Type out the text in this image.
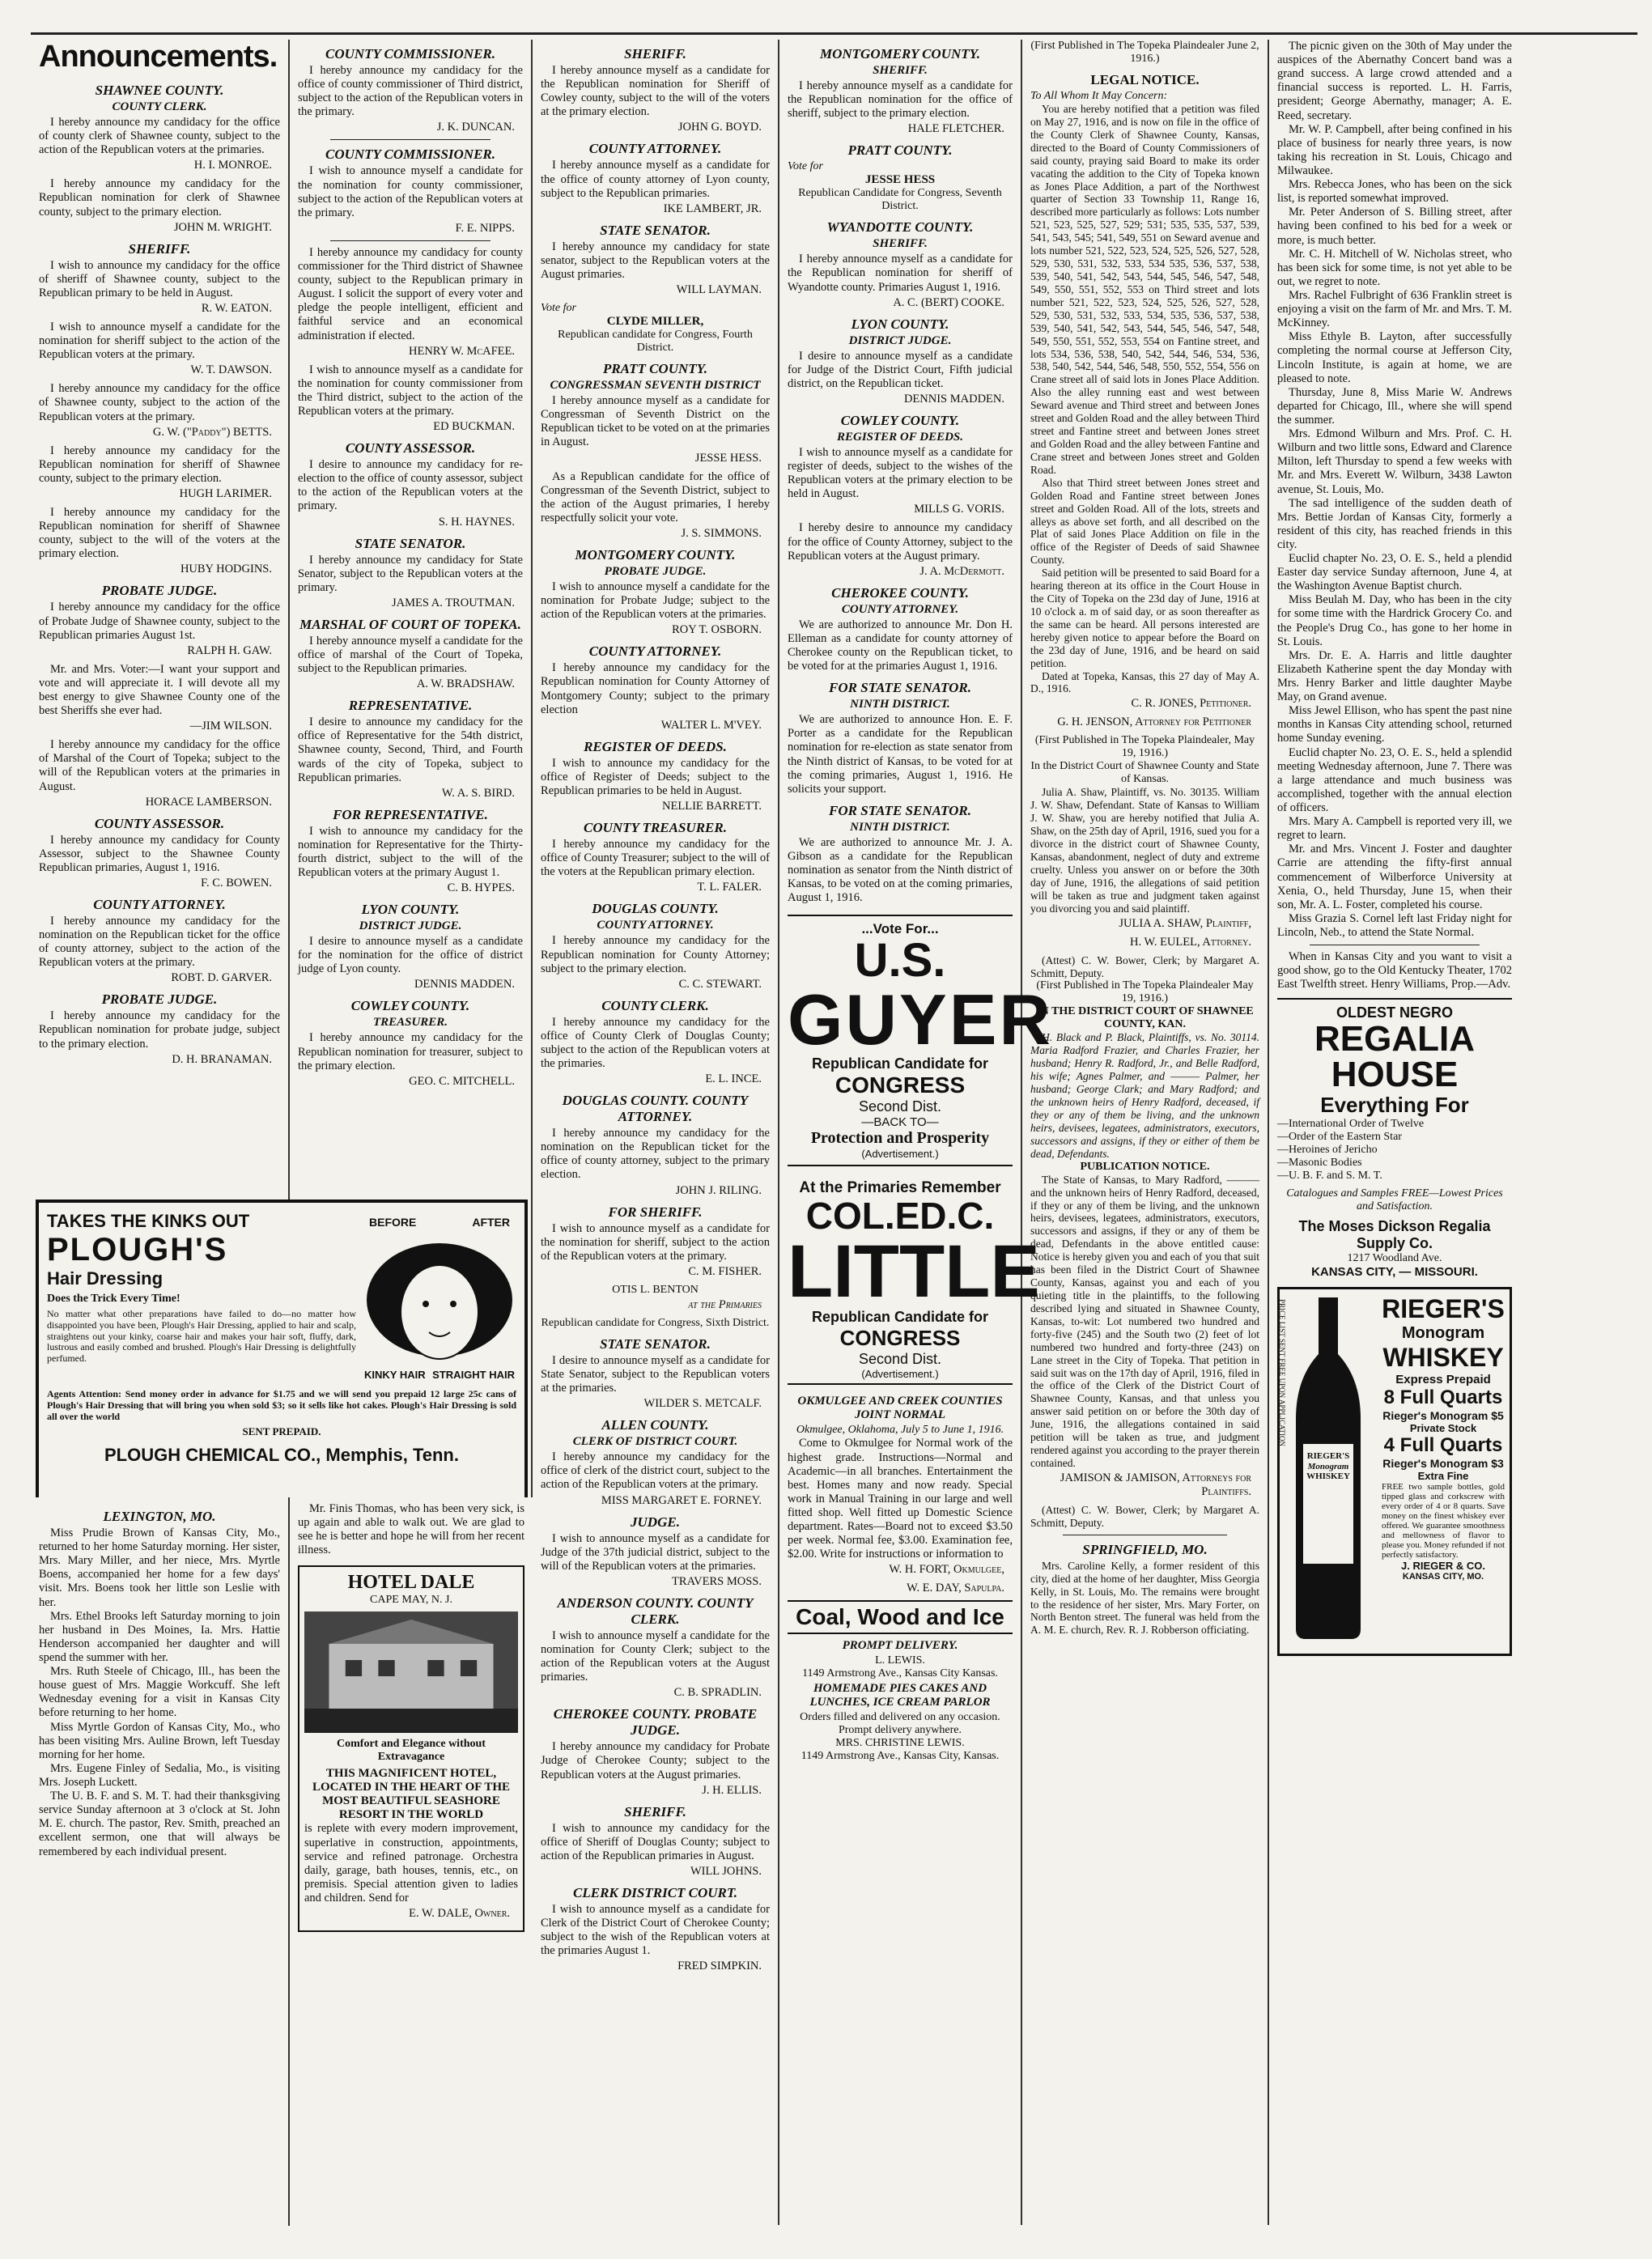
Announcements.
SHAWNEE COUNTY.
COUNTY CLERK.

I hereby announce my candidacy for the office of county clerk of Shawnee county, subject to the action of the Republican voters at the primaries.

H. I. MONROE.

I hereby announce my candidacy for the Republican nomination for clerk of Shawnee county, subject to the primary election.

JOHN M. WRIGHT.
SHERIFF.

I wish to announce my candidacy for the office of sheriff of Shawnee county, subject to the Republican primary to be held in August.

R. W. EATON.

I wish to announce myself a candidate for the nomination for sheriff subject to the action of the Republican voters at the primary.

W. T. DAWSON.

I hereby announce my candidacy for the office of Shawnee county, subject to the action of the Republican voters at the primary.

G. W. ("Paddy") BETTS.

I hereby announce my candidacy for the Republican nomination for sheriff of Shawnee county, subject to the primary election.

HUGH LARIMER.

I hereby announce my candidacy for the Republican nomination for sheriff of Shawnee county, subject to the will of the voters at the primary election.

HUBY HODGINS.
PROBATE JUDGE.

I hereby announce my candidacy for the office of Probate Judge of Shawnee county, subject to the Republican primaries August 1st.

RALPH H. GAW.

Mr. and Mrs. Voter:—I want your support and vote and will appreciate it. I will devote all my best energy to give Shawnee County one of the best Sheriffs she ever had.

—JIM WILSON.

I hereby announce my candidacy for the office of Marshal of the Court of Topeka; subject to the will of the Republican voters at the primaries in August.

HORACE LAMBERSON.
COUNTY ASSESSOR.

I hereby announce my candidacy for County Assessor, subject to the Shawnee County Republican primaries, August 1, 1916.

F. C. BOWEN.
COUNTY ATTORNEY.

I hereby announce my candidacy for the nomination on the Republican ticket for the office of county attorney, subject to the action of the Republican voters at the primary.

ROBT. D. GARVER.
PROBATE JUDGE.

I hereby announce my candidacy for the Republican nomination for probate judge, subject to the primary election.

D. H. BRANAMAN.
COUNTY COMMISSIONER.

I hereby announce my candidacy for the office of county commissioner of Third district, subject to the action of the Republican voters in the primary.

J. K. DUNCAN.
COUNTY COMMISSIONER.

I wish to announce myself a candidate for the nomination for county commissioner, subject to the action of the Republican voters at the primary.

F. E. NIPPS.

I hereby announce my candidacy for county commissioner for the Third district of Shawnee county, subject to the Republican primary in August. I solicit the support of every voter and pledge the people intelligent, efficient and faithful service and an economical administration if elected.

HENRY W. McAFEE.

I wish to announce myself as a candidate for the nomination for county commissioner from the Third district, subject to the action of the Republican voters at the primary.

ED BUCKMAN.
COUNTY ASSESSOR.

I desire to announce my candidacy for re-election to the office of county assessor, subject to the action of the Republican voters at the primary.

S. H. HAYNES.
STATE SENATOR.

I hereby announce my candidacy for State Senator, subject to the Republican voters at the primary.

JAMES A. TROUTMAN.
MARSHAL OF COURT OF TOPEKA.

I hereby announce myself a candidate for the office of marshal of the Court of Topeka, subject to the Republican primaries.

A. W. BRADSHAW.
REPRESENTATIVE.

I desire to announce my candidacy for the office of Representative for the 54th district, Shawnee county, Second, Third, and Fourth wards of the city of Topeka, subject to Republican primaries.

W. A. S. BIRD.
FOR REPRESENTATIVE.

I wish to announce my candidacy for the nomination for Representative for the Thirty-fourth district, subject to the will of the Republican voters at the primary August 1.

C. B. HYPES.
LYON COUNTY.
DISTRICT JUDGE.

I desire to announce myself as a candidate for the nomination for the office of district judge of Lyon county.

DENNIS MADDEN.
COWLEY COUNTY.
TREASURER.

I hereby announce my candidacy for the Republican nomination for treasurer, subject to the primary election.

GEO. C. MITCHELL.
SHERIFF.

I hereby announce myself as a candidate for the Republican nomination for Sheriff of Cowley county, subject to the will of the voters at the primary election.

JOHN G. BOYD.
COUNTY ATTORNEY.

I hereby announce myself as a candidate for the office of county attorney of Lyon county, subject to the Republican primaries.

IKE LAMBERT, JR.
STATE SENATOR.

I hereby announce my candidacy for state senator, subject to the Republican voters at the August primaries.

WILL LAYMAN.
Vote for
CLYDE MILLER,
Republican candidate for Congress, Fourth District.
PRATT COUNTY.
CONGRESSMAN SEVENTH DISTRICT

I hereby announce myself as a candidate for Congressman of Seventh District on the Republican ticket to be voted on at the primaries in August.

JESSE HESS.

As a Republican candidate for the office of Congressman of the Seventh District, subject to the action of the August primaries, I hereby respectfully solicit your vote.

J. S. SIMMONS.
MONTGOMERY COUNTY.
PROBATE JUDGE.

I wish to announce myself a candidate for the nomination for Probate Judge; subject to the action of the Republican voters at the primaries.

ROY T. OSBORN.
COUNTY ATTORNEY.

I hereby announce my candidacy for the Republican nomination for County Attorney of Montgomery County; subject to the primary election

WALTER L. M'VEY.
REGISTER OF DEEDS.

I wish to announce my candidacy for the office of Register of Deeds; subject to the Republican primaries to be held in August.

NELLIE BARRETT.
COUNTY TREASURER.

I hereby announce my candidacy for the office of County Treasurer; subject to the will of the voters at the Republican primary election.

T. L. FALER.
DOUGLAS COUNTY.
COUNTY ATTORNEY.

I hereby announce my candidacy for the Republican nomination for County Attorney; subject to the primary election.

C. C. STEWART.
COUNTY CLERK.

I hereby announce my candidacy for the office of County Clerk of Douglas County; subject to the action of the Republican voters at the primaries.

E. L. INCE.
DOUGLAS COUNTY. COUNTY ATTORNEY.

I hereby announce my candidacy for the nomination on the Republican ticket for the office of county attorney, subject to the primary election.

JOHN J. RILING.
FOR SHERIFF.

I wish to announce myself as a candidate for the nomination for sheriff, subject to the action of the Republican voters at the primary.

C. M. FISHER.
OTIS L. BENTON
at the Primaries
Republican candidate for Congress, Sixth District.
STATE SENATOR.

I desire to announce myself as a candidate for State Senator, subject to the Republican voters at the primaries.

WILDER S. METCALF.
ALLEN COUNTY.
CLERK OF DISTRICT COURT.

I hereby announce my candidacy for the office of clerk of the district court, subject to the action of the Republican voters at the primary.

MISS MARGARET E. FORNEY.
JUDGE.

I wish to announce myself as a candidate for Judge of the 37th judicial district, subject to the will of the Republican voters at the primaries.

TRAVERS MOSS.
ANDERSON COUNTY. COUNTY CLERK.

I wish to announce myself a candidate for the nomination for County Clerk; subject to the action of the Republican voters at the August primaries.

C. B. SPRADLIN.
CHEROKEE COUNTY. PROBATE JUDGE.

I hereby announce my candidacy for Probate Judge of Cherokee County; subject to the Republican voters at the August primaries.

J. H. ELLIS.
SHERIFF.

I wish to announce my candidacy for the office of Sheriff of Douglas County; subject to action of the Republican primaries in August.

WILL JOHNS.
CLERK DISTRICT COURT.

I wish to announce myself as a candidate for Clerk of the District Court of Cherokee County; subject to the wish of the Republican voters at the primaries August 1.

FRED SIMPKIN.
MONTGOMERY COUNTY.
SHERIFF.

I hereby announce myself as a candidate for the Republican nomination for the office of sheriff, subject to the primary election.

HALE FLETCHER.
PRATT COUNTY.
Vote for
JESSE HESS
Republican Candidate for Congress, Seventh District.
WYANDOTTE COUNTY.
SHERIFF.

I hereby announce myself as a candidate for the Republican nomination for sheriff of Wyandotte county. Primaries August 1, 1916.

A. C. (BERT) COOKE.
LYON COUNTY.
DISTRICT JUDGE.

I desire to announce myself as a candidate for Judge of the District Court, Fifth judicial district, on the Republican ticket.

DENNIS MADDEN.
COWLEY COUNTY.
REGISTER OF DEEDS.

I wish to announce myself as a candidate for register of deeds, subject to the wishes of the Republican voters at the primary election to be held in August.

MILLS G. VORIS.

I hereby desire to announce my candidacy for the office of County Attorney, subject to the Republican voters at the August primary.

J. A. McDermott.
CHEROKEE COUNTY.
COUNTY ATTORNEY.

We are authorized to announce Mr. Don H. Elleman as a candidate for county attorney of Cherokee county on the Republican ticket, to be voted for at the primaries August 1, 1916.

FOR STATE SENATOR.
NINTH DISTRICT.

We are authorized to announce Hon. E. F. Porter as a candidate for the Republican nomination for re-election as state senator from the Ninth district of Kansas, to be voted for at the coming primaries, August 1, 1916. He solicits your support.

FOR STATE SENATOR.
NINTH DISTRICT.

We are authorized to announce Mr. J. A. Gibson as a candidate for the Republican nomination as senator from the Ninth district of Kansas, to be voted on at the coming primaries, August 1, 1916.

...Vote For...
U.S.
GUYER
Republican Candidate for
CONGRESS
Second Dist.
—BACK TO—
Protection and Prosperity
(Advertisement.)
At the Primaries Remember
COL.ED.C.
LITTLE
Republican Candidate for
CONGRESS
Second Dist.
(Advertisement.)
OKMULGEE AND CREEK COUNTIES JOINT NORMAL
Okmulgee, Oklahoma, July 5 to June 1, 1916.

Come to Okmulgee for Normal work of the highest grade. Instructions—Normal and Academic—in all branches. Entertainment the best. Homes many and now ready. Special work in Manual Training in our large and well fitted shop. Well fitted up Domestic Science department. Rates—Board not to exceed $3.50 per week. Normal fee, $3.00. Examination fee, $2.00. Write for instructions or information to

W. H. FORT, Okmulgee,
W. E. DAY, Sapulpa.
Coal, Wood and Ice
PROMPT DELIVERY.
L. LEWIS.
1149 Armstrong Ave., Kansas City Kansas.
HOMEMADE PIES CAKES AND LUNCHES, ICE CREAM PARLOR
Orders filled and delivered on any occasion. Prompt delivery anywhere.
MRS. CHRISTINE LEWIS.
1149 Armstrong Ave., Kansas City, Kansas.
(First Published in The Topeka Plaindealer June 2, 1916.)
LEGAL NOTICE.
To All Whom It May Concern:

You are hereby notified that a petition was filed on May 27, 1916, and is now on file in the office of the County Clerk of Shawnee County, Kansas, directed to the Board of County Commissioners of said county, praying said Board to make its order vacating the addition to the City of Topeka known as Jones Place Addition, a part of the Northwest quarter of Section 33 Township 11, Range 16, described more particularly as follows: Lots number 521, 523, 525, 527, 529; 531; 535, 535, 537, 539, 541, 543, 545; 541, 549, 551 on Seward avenue and lots number 521, 522, 523, 524, 525, 526, 527, 528, 529, 530, 531, 532, 533, 534 535, 536, 537, 538, 539, 540, 541, 542, 543, 544, 545, 546, 547, 548, 549, 550, 551, 552, 553 on Third street and lots number 521, 522, 523, 524, 525, 526, 527, 528, 529, 530, 531, 532, 533, 534, 535, 536, 537, 538, 539, 540, 541, 542, 543, 544, 545, 546, 547, 548, 549, 550, 551, 552, 553, 554 on Fantine street, and lots 534, 536, 538, 540, 542, 544, 546, 534, 536, 538, 540, 542, 544, 546, 548, 550, 552, 554, 556 on Crane street all of said lots in Jones Place Addition. Also the alley running east and west between Seward avenue and Third street and between Jones street and Golden Road and the alley between Third street and Fantine street and between Jones street and Golden Road and the alley between Fantine and Crane street and between Jones street and Golden Road.

Also that Third street between Jones street and Golden Road and Fantine street between Jones street and Golden Road. All of the lots, streets and alleys as above set forth, and all described on the Plat of said Jones Place Addition on file in the office of the Register of Deeds of said Shawnee County.

Said petition will be presented to said Board for a hearing thereon at its office in the Court House in the City of Topeka on the 23d day of June, 1916 at 10 o'clock a. m of said day, or as soon thereafter as the same can be heard. All persons interested are hereby given notice to appear before the Board on the 23d day of June, 1916, and be heard on said petition.

Dated at Topeka, Kansas, this 27 day of May A. D., 1916.

C. R. JONES, Petitioner.
G. H. JENSON, Attorney for Petitioner
(First Published in The Topeka Plaindealer, May 19, 1916.)
In the District Court of Shawnee County and State of Kansas.

Julia A. Shaw, Plaintiff, vs. No. 30135. William J. W. Shaw, Defendant. State of Kansas to William J. W. Shaw, you are hereby notified that Julia A. Shaw, on the 25th day of April, 1916, sued you for a divorce in the district court of Shawnee County, Kansas, abandonment, neglect of duty and extreme cruelty. Unless you answer on or before the 30th day of June, 1916, the allegations of said petition will be taken as true and judgment taken against you divorcing you and said plaintiff.

JULIA A. SHAW, Plaintiff,
H. W. EULEL, Attorney.

(Attest) C. W. Bower, Clerk; by Margaret A. Schmitt, Deputy.

(First Published in The Topeka Plaindealer May 19, 1916.)
IN THE DISTRICT COURT OF SHAWNEE COUNTY, KAN.

H. Black and P. Black, Plaintiffs, vs. No. 30114. Maria Radford Frazier, and Charles Frazier, her husband; Henry R. Radford, Jr., and Belle Radford, his wife; Agnes Palmer, and ——— Palmer, her husband; George Clark; and Mary Radford; and the unknown heirs of Henry Radford, deceased, if they or any of them be living, and the unknown heirs, devisees, legatees, administrators, executors, successors and assigns, if they or either of them be dead, Defendants.

PUBLICATION NOTICE.

The State of Kansas, to Mary Radford, ——— and the unknown heirs of Henry Radford, deceased, if they or any of them be living, and the unknown heirs, devisees, legatees, administrators, executors, successors and assigns, if they or any of them be dead, Defendants in the above entitled cause: Notice is hereby given you and each of you that suit has been filed in the District Court of Shawnee County, Kansas, against you and each of you quieting title in the plaintiffs, to the following described lying and situated in Shawnee County, Kansas, to-wit: Lot numbered two hundred and forty-five (245) and the South two (2) feet of lot numbered two hundred and forty-three (243) on Lane street in the City of Topeka. That petition in said suit was on the 17th day of April, 1916, filed in the office of the Clerk of the District Court of Shawnee County, Kansas, and that unless you answer said petition on or before the 30th day of June, 1916, the allegations contained in said petition will be taken as true, and judgment rendered against you according to the prayer therein contained.

JAMISON & JAMISON, Attorneys for Plaintiffs.

(Attest) C. W. Bower, Clerk; by Margaret A. Schmitt, Deputy.

SPRINGFIELD, MO.

Mrs. Caroline Kelly, a former resident of this city, died at the home of her daughter, Miss Georgia Kelly, in St. Louis, Mo. The remains were brought to the residence of her sister, Mrs. Mary Forter, on North Benton street. The funeral was held from the A. M. E. church, Rev. R. J. Robberson officiating.

The picnic given on the 30th of May under the auspices of the Abernathy Concert band was a grand success. A large crowd attended and a financial success is reported. L. H. Farris, president; George Abernathy, manager; A. E. Reed, secretary.

Mr. W. P. Campbell, after being confined in his place of business for nearly three years, is now taking his recreation in St. Louis, Chicago and Milwaukee.

Mrs. Rebecca Jones, who has been on the sick list, is reported somewhat improved.

Mr. Peter Anderson of S. Billing street, after having been confined to his bed for a week or more, is much better.

Mr. C. H. Mitchell of W. Nicholas street, who has been sick for some time, is not yet able to be out, we regret to note.

Mrs. Rachel Fulbright of 636 Franklin street is enjoying a visit on the farm of Mr. and Mrs. T. M. McKinney.

Miss Ethyle B. Layton, after successfully completing the normal course at Jefferson City, Lincoln Institute, is again at home, we are pleased to note.

Thursday, June 8, Miss Marie W. Andrews departed for Chicago, Ill., where she will spend the summer.

Mrs. Edmond Wilburn and Mrs. Prof. C. H. Wilburn and two little sons, Edward and Clarence Milton, left Thursday to spend a few weeks with Mr. and Mrs. Everett W. Wilburn, 3438 Lawton avenue, St. Louis, Mo.

The sad intelligence of the sudden death of Mrs. Bettie Jordan of Kansas City, formerly a resident of this city, has reached friends in this city.

Euclid chapter No. 23, O. E. S., held a plendid Easter day service Sunday afternoon, June 4, at the Washington Avenue Baptist church.

Miss Beulah M. Day, who has been in the city for some time with the Hardrick Grocery Co. and the People's Drug Co., has gone to her home in St. Louis.

Mrs. Dr. E. A. Harris and little daughter Elizabeth Katherine spent the day Monday with Mrs. Henry Barker and little daughter Maybe May, on Grand avenue.

Miss Jewel Ellison, who has spent the past nine months in Kansas City attending school, returned home Sunday evening.

Euclid chapter No. 23, O. E. S., held a splendid meeting Wednesday afternoon, June 7. There was a large attendance and much business was accomplished, together with the annual election of officers.

Mrs. Mary A. Campbell is reported very ill, we regret to learn.

Mr. and Mrs. Vincent J. Foster and daughter Carrie are attending the fifty-first annual commencement of Wilberforce University at Xenia, O., held Thursday, June 15, when their son, Mr. A. L. Foster, completed his course.

Miss Grazia S. Cornel left last Friday night for Lincoln, Neb., to attend the State Normal.

When in Kansas City and you want to visit a good show, go to the Old Kentucky Theater, 1702 East Twelfth street. Henry Williams, Prop.—Adv.

OLDEST NEGRO
REGALIA HOUSE
Everything For
—International Order of Twelve
—Order of the Eastern Star
—Heroines of Jericho
—Masonic Bodies
—U. B. F. and S. M. T.
Catalogues and Samples FREE—Lowest Prices and Satisfaction.
The Moses Dickson Regalia Supply Co.
1217 Woodland Ave.
KANSAS CITY, — MISSOURI.
RIEGER'S
Monogram
WHISKEY
PRICE LIST SENT FREE UPON APPLICATION	RIEGER'S
Monogram
WHISKEY
Express Prepaid
8 Full Quarts
Rieger's Monogram $5
Private Stock
4 Full Quarts
Rieger's Monogram $3
Extra Fine
FREE two sample bottles, gold tipped glass and corkscrew with every order of 4 or 8 quarts. Save money on the finest whiskey ever offered. We guarantee smoothness and mellowness of flavor to please you. Money refunded if not perfectly satisfactory.
J. RIEGER & CO.
KANSAS CITY, MO.
BEFORE	AFTER
KINKY HAIR STRAIGHT HAIR
TAKES THE KINKS OUT
PLOUGH'S
Hair Dressing
Does the Trick Every Time!
No matter what other preparations have failed to do—no matter how disappointed you have been, Plough's Hair Dressing, applied to hair and scalp, straightens out your kinky, coarse hair and makes your hair soft, fluffy, dark, lustrous and easily combed and brushed. Plough's Hair Dressing is delightfully perfumed.
Agents Attention: Send money order in advance for $1.75 and we will send you prepaid 12 large 25c cans of Plough's Hair Dressing that will bring you when sold $3; so it sells like hot cakes. Plough's Hair Dressing is sold all over the world
SENT PREPAID.
PLOUGH CHEMICAL CO., Memphis, Tenn.
LEXINGTON, MO.

Miss Prudie Brown of Kansas City, Mo., returned to her home Saturday morning. Her sister, Mrs. Mary Miller, and her niece, Mrs. Myrtle Boens, accompanied her home for a few days' visit. Mrs. Boens took her little son Leslie with her.

Mrs. Ethel Brooks left Saturday morning to join her husband in Des Moines, Ia. Mrs. Hattie Henderson accompanied her daughter and will spend the summer with her.

Mrs. Ruth Steele of Chicago, Ill., has been the house guest of Mrs. Maggie Workcuff. She left Wednesday evening for a visit in Kansas City before returning to her home.

Miss Myrtle Gordon of Kansas City, Mo., who has been visiting Mrs. Auline Brown, left Tuesday morning for her home.

Mrs. Eugene Finley of Sedalia, Mo., is visiting Mrs. Joseph Luckett.

The U. B. F. and S. M. T. had their thanksgiving service Sunday afternoon at 3 o'clock at St. John M. E. church. The pastor, Rev. Smith, preached an excellent sermon, one that will always be remembered by each individual present.

Mr. Finis Thomas, who has been very sick, is up again and able to walk out. We are glad to see he is better and hope he will from her recent illness.

HOTEL DALE
CAPE MAY, N. J.
Comfort and Elegance without Extravagance
THIS MAGNIFICENT HOTEL, LOCATED IN THE HEART OF THE MOST BEAUTIFUL SEASHORE RESORT IN THE WORLD

is replete with every modern improvement, superlative in construction, appointments, service and refined patronage. Orchestra daily, garage, bath houses, tennis, etc., on premisis. Special attention given to ladies and children. Send for

E. W. DALE, Owner.
